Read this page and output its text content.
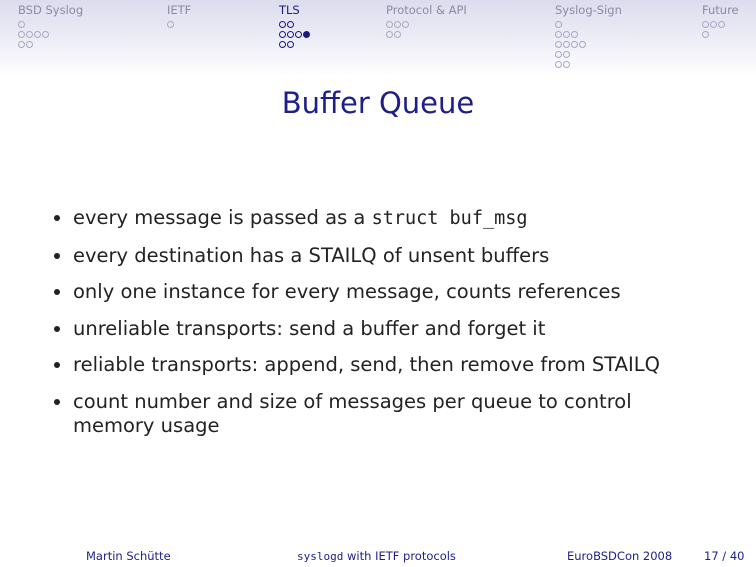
BSD Syslog	IETF	TLS	Protocol & API	Syslog-Sign	Future
Buffer Queue
every message is passed as a struct buf_msg
every destination has a STAILQ of unsent buffers
only one instance for every message, counts references
unreliable transports: send a buffer and forget it
reliable transports: append, send, then remove from STAILQ
count number and size of messages per queue to control memory usage
Martin Schütte	syslogd with IETF protocols	EuroBSDCon 2008	17 / 40
